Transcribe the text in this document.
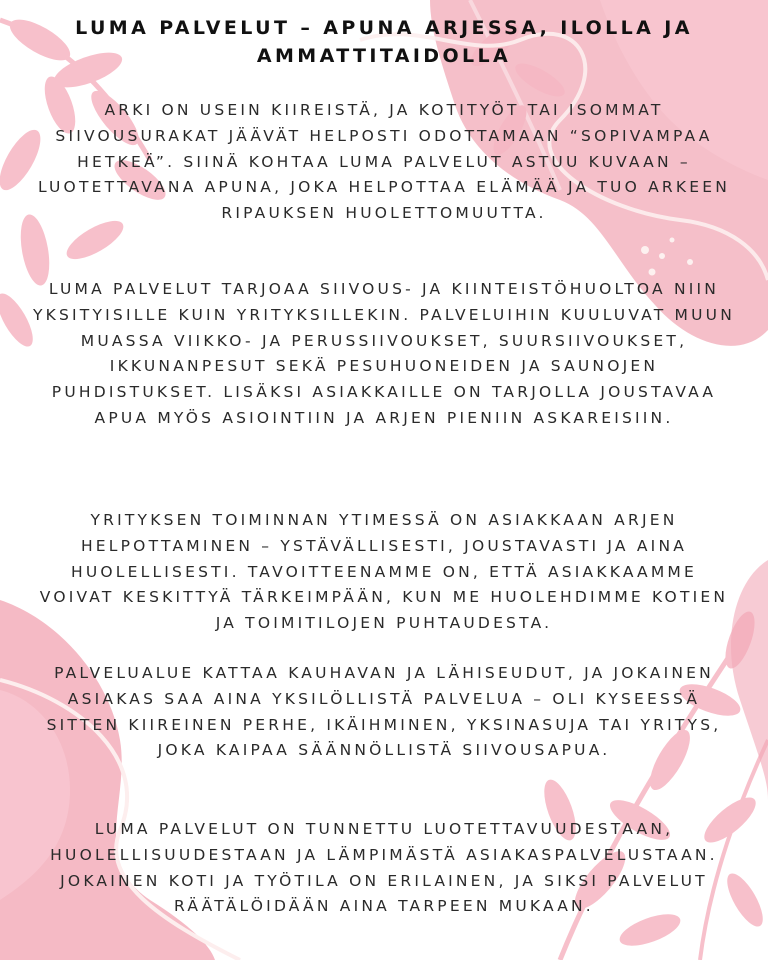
LUMA PALVELUT – APUNA ARJESSA, ILOLLA JA AMMATTITAIDOLLA

ARKI ON USEIN KIIREISTÄ, JA KOTITYÖT TAI ISOMMAT SIIVOUSURAKAT JÄÄVÄT HELPOSTI ODOTTAMAAN “SOPIVAMPAA HETKEÄ”. SIINÄ KOHTAA LUMA PALVELUT ASTUU KUVAAN – LUOTETTAVANA APUNA, JOKA HELPOTTAA ELÄMÄÄ JA TUO ARKEEN RIPAUKSEN HUOLETTOMUUTTA.

LUMA PALVELUT TARJOAA SIIVOUS- JA KIINTEISTÖHUOLTOA NIIN YKSITYISILLE KUIN YRITYKSILLEKIN. PALVELUIHIN KUULUVAT MUUN MUASSA VIIKKO- JA PERUSSIIVOUKSET, SUURSIIVOUKSET, IKKUNANPESUT SEKÄ PESUHUONEIDEN JA SAUNOJEN PUHDISTUKSET. LISÄKSI ASIAKKAILLE ON TARJOLLA JOUSTAVAA APUA MYÖS ASIOINTIIN JA ARJEN PIENIIN ASKAREISIIN.

YRITYKSEN TOIMINNAN YTIMESSÄ ON ASIAKKAAN ARJEN HELPOTTAMINEN – YSTÄVÄLLISESTI, JOUSTAVASTI JA AINA HUOLELLISESTI. TAVOITTEENAMME ON, ETTÄ ASIAKKAAMME VOIVAT KESKITTYÄ TÄRKEIMPÄÄN, KUN ME HUOLEHDIMME KOTIEN JA TOIMITILOJEN PUHTAUDESTA.

PALVELUALUE KATTAA KAUHAVAN JA LÄHISEUDUT, JA JOKAINEN ASIAKAS SAA AINA YKSILÖLLISTÄ PALVELUA – OLI KYSEESSÄ SITTEN KIIREINEN PERHE, IKÄIHMINEN, YKSINASUJA TAI YRITYS, JOKA KAIPAA SÄÄNNÖLLISTÄ SIIVOUSAPUA.

LUMA PALVELUT ON TUNNETTU LUOTETTAVUUDESTAAN, HUOLELLISUUDESTAAN JA LÄMPIMÄSTÄ ASIAKASPALVELUSTAAN. JOKAINEN KOTI JA TYÖTILA ON ERILAINEN, JA SIKSI PALVELUT RÄÄTÄLÖIDÄÄN AINA TARPEEN MUKAAN.
